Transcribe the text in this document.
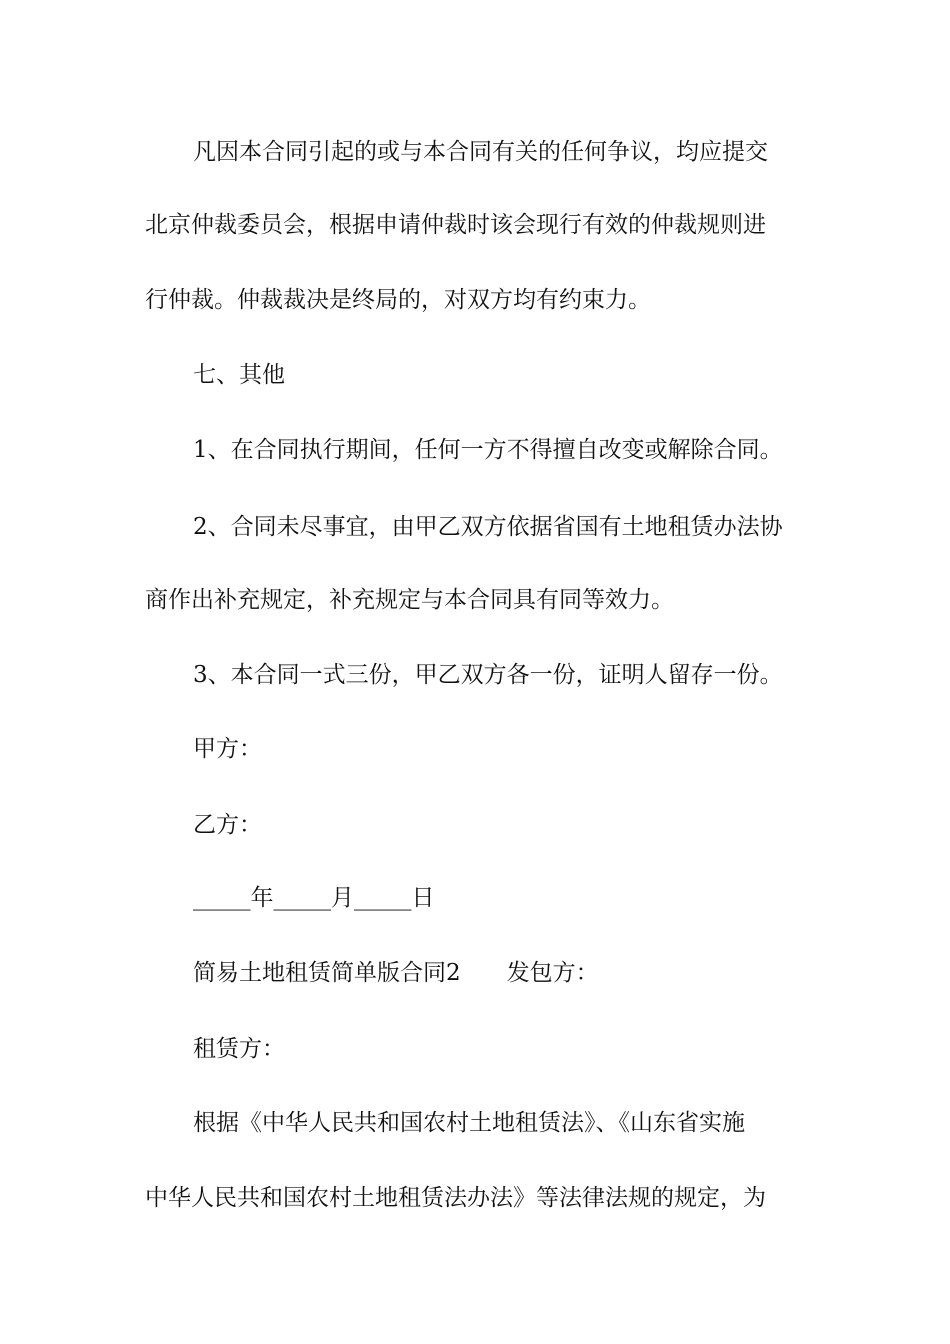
凡因本合同引起的或与本合同有关的任何争议，均应提交
北京仲裁委员会，根据申请仲裁时该会现行有效的仲裁规则进
行仲裁。仲裁裁决是终局的，对双方均有约束力。
七、其他
1、在合同执行期间，任何一方不得擅自改变或解除合同。
2、合同未尽事宜，由甲乙双方依据省国有土地租赁办法协
商作出补充规定，补充规定与本合同具有同等效力。
3、本合同一式三份，甲乙双方各一份，证明人留存一份。
甲方：
乙方：
_____年_____月_____日
简易土地租赁简单版合同2　　发包方：
租赁方：
根据《中华人民共和国农村土地租赁法》、《山东省实施
中华人民共和国农村土地租赁法办法》等法律法规的规定，为
